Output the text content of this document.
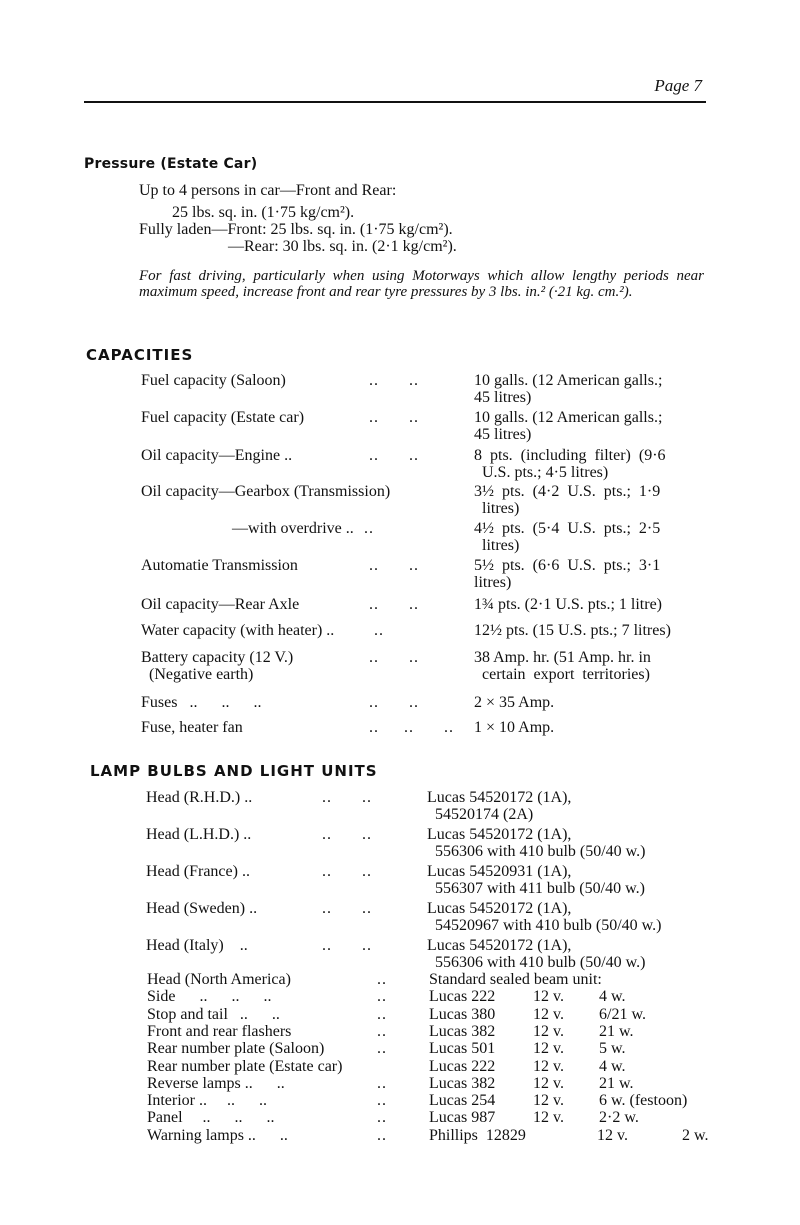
Page 7
Pressure (Estate Car)
Up to 4 persons in car—Front and Rear:
25 lbs. sq. in. (1·75 kg/cm²).
Fully laden—Front: 25 lbs. sq. in. (1·75 kg/cm²).
—Rear: 30 lbs. sq. in. (2·1 kg/cm²).
For fast driving, particularly when using Motorways which allow lengthy periods near maximum speed, increase front and rear tyre pressures by 3 lbs. in.² (·21 kg. cm.²).
CAPACITIES
Fuel capacity (Saloon)	..      ..	10 galls. (12 American galls.;
45 litres)
Fuel capacity (Estate car)	..      ..	10 galls. (12 American galls.;
45 litres)
Oil capacity—Engine ..	..      ..	8  pts.  (including  filter)  (9·6
U.S. pts.; 4·5 litres)
Oil capacity—Gearbox (Transmission)	3½  pts.  (4·2  U.S.  pts.;  1·9
litres)
—with overdrive .. ..	4½  pts.  (5·4  U.S.  pts.;  2·5
litres)
Automatie Transmission	..      ..	5½  pts.  (6·6  U.S.  pts.;  3·1
litres)
Oil capacity—Rear Axle	..      ..	1¾ pts. (2·1 U.S. pts.; 1 litre)
Water capacity (with heater) .. ..	12½ pts. (15 U.S. pts.; 7 litres)
Battery capacity (12 V.)
(Negative earth)
..      ..	38 Amp. hr. (51 Amp. hr. in
certain  export  territories)
Fuses   ..      ..      ..	..      ..	2 × 35 Amp.
Fuse, heater fan	..     ..      .. 1 × 10 Amp.
LAMP BULBS AND LIGHT UNITS
Head (R.H.D.) ..	..      ..	Lucas 54520172 (1A),
54520174 (2A)
Head (L.H.D.) ..	..      ..	Lucas 54520172 (1A),
556306 with 410 bulb (50/40 w.)
Head (France) ..	..      ..	Lucas 54520931 (1A),
556307 with 411 bulb (50/40 w.)
Head (Sweden) ..	..      ..	Lucas 54520172 (1A),
54520967 with 410 bulb (50/40 w.)
Head (Italy)    ..	..      ..	Lucas 54520172 (1A),
556306 with 410 bulb (50/40 w.)
Head (North America)	..	Standard sealed beam unit:
Side      ..      ..      ..	..	Lucas 222 12 v. 4 w.
Stop and tail   ..      ..	..	Lucas 380 12 v. 6/21 w.
Front and rear flashers	..	Lucas 382 12 v. 21 w.
Rear number plate (Saloon)	..	Lucas 501 12 v. 5 w.
Rear number plate (Estate car)	Lucas 222 12 v. 4 w.
Reverse lamps ..      ..	..	Lucas 382 12 v. 21 w.
Interior ..     ..      ..	..	Lucas 254 12 v. 6 w. (festoon)
Panel     ..      ..      ..	..	Lucas 987 12 v. 2·2 w.
Warning lamps ..      ..	..	Phillips  12829	12 v.	2 w.
